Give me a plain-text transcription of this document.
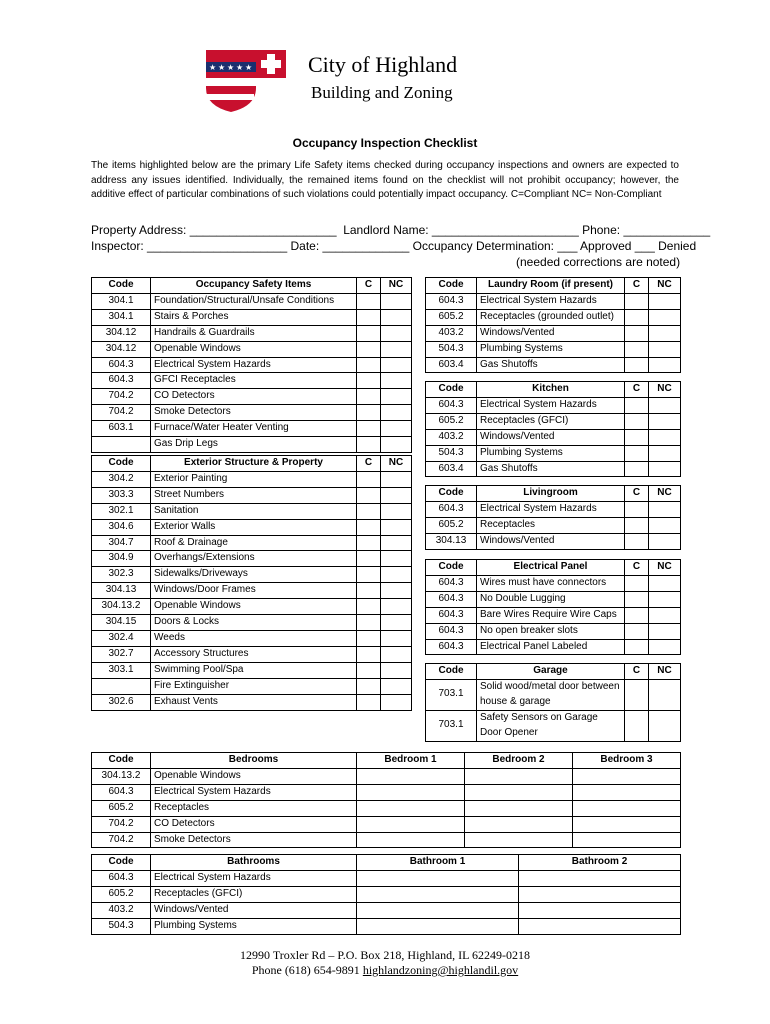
★ ★ ★ ★ ★	City of Highland
Building and Zoning
Occupancy Inspection Checklist
The items highlighted below are the primary Life Safety items checked during occupancy inspections and owners are expected to address any issues identified. Individually, the remained items found on the checklist will not prohibit occupancy; however, the additive effect of particular combinations of such violations could potentially impact occupancy. C=Compliant NC= Non-Compliant
Property Address: ______________________  Landlord Name: ______________________ Phone: _____________
Inspector: _____________________ Date: _____________ Occupancy Determination: ___ Approved ___ Denied
(needed corrections are noted)
Code	Occupancy Safety Items	C	NC
304.1	Foundation/Structural/Unsafe Conditions		
304.1	Stairs & Porches		
304.12	Handrails & Guardrails		
304.12	Openable Windows		
604.3	Electrical System Hazards		
604.3	GFCI Receptacles		
704.2	CO Detectors		
704.2	Smoke Detectors		
603.1	Furnace/Water Heater Venting		
	Gas Drip Legs		
Code	Exterior Structure & Property	C	NC
304.2	Exterior Painting		
303.3	Street Numbers		
302.1	Sanitation		
304.6	Exterior Walls		
304.7	Roof & Drainage		
304.9	Overhangs/Extensions		
302.3	Sidewalks/Driveways		
304.13	Windows/Door Frames		
304.13.2	Openable Windows		
304.15	Doors & Locks		
302.4	Weeds		
302.7	Accessory Structures		
303.1	Swimming Pool/Spa		
	Fire Extinguisher		
302.6	Exhaust Vents		
Code	Laundry Room (if present)	C	NC
604.3	Electrical System Hazards		
605.2	Receptacles (grounded outlet)		
403.2	Windows/Vented		
504.3	Plumbing Systems		
603.4	Gas Shutoffs		
Code	Kitchen	C	NC
604.3	Electrical System Hazards		
605.2	Receptacles (GFCI)		
403.2	Windows/Vented		
504.3	Plumbing Systems		
603.4	Gas Shutoffs		
Code	Livingroom	C	NC
604.3	Electrical System Hazards		
605.2	Receptacles		
304.13	Windows/Vented		
Code	Electrical Panel	C	NC
604.3	Wires must have connectors		
604.3	No Double Lugging		
604.3	Bare Wires Require Wire Caps		
604.3	No open breaker slots		
604.3	Electrical Panel Labeled		
Code	Garage	C	NC
703.1	Solid wood/metal door between house & garage		
703.1	Safety Sensors on Garage Door Opener		
Code	Bedrooms	Bedroom 1	Bedroom 2	Bedroom 3
304.13.2	Openable Windows			
604.3	Electrical System Hazards			
605.2	Receptacles			
704.2	CO Detectors			
704.2	Smoke Detectors			
Code	Bathrooms	Bathroom 1	Bathroom 2
604.3	Electrical System Hazards		
605.2	Receptacles (GFCI)		
403.2	Windows/Vented		
504.3	Plumbing Systems		
12990 Troxler Rd – P.O. Box 218, Highland, IL 62249-0218
Phone (618) 654-9891 highlandzoning@highlandil.gov
